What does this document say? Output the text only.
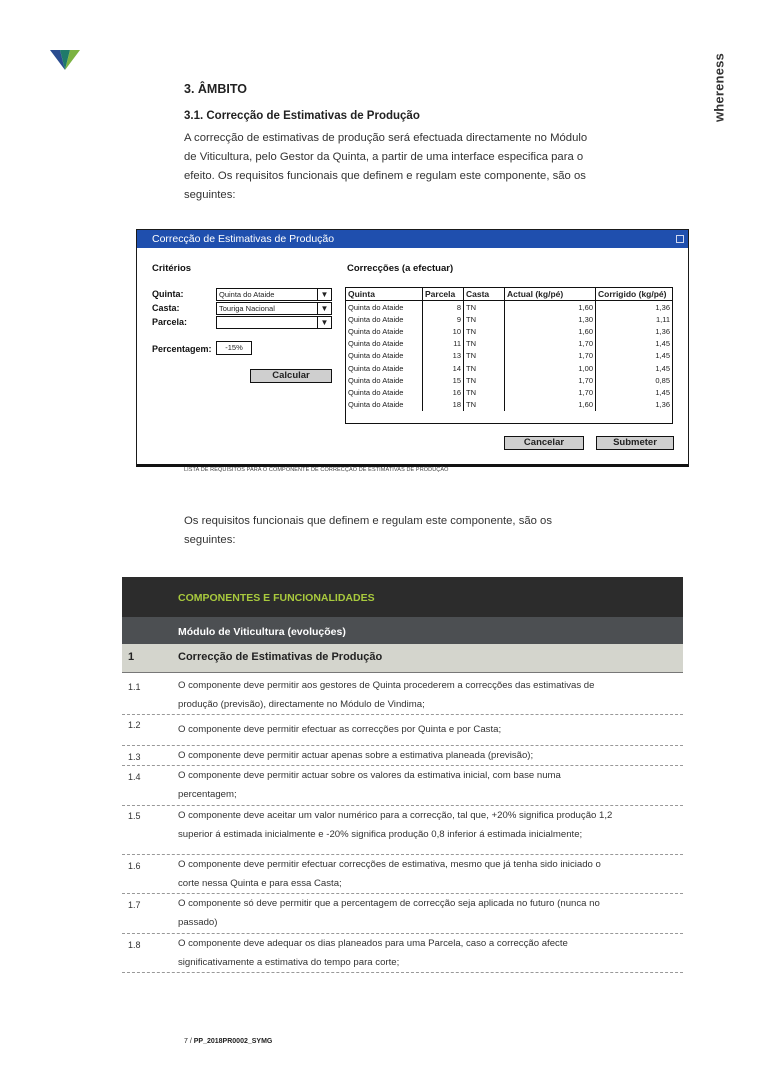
whereness
3. ÂMBITO
3.1. Correcção de Estimativas de Produção
A correcção de estimativas de produção será efectuada directamente no Módulo
de Viticultura, pelo Gestor da Quinta, a partir de uma interface especifica para o
efeito. Os requisitos funcionais que definem e regulam este componente, são os
seguintes:
Correcção de Estimativas de Produção
Critérios	Correcções (a efectuar)
Quinta:	Quinta do Ataide	▼
Casta:	Touriga Nacional	▼
Parcela:	▼
Percentagem:	-15%
Calcular
Quinta	Parcela	Casta	Actual (kg/pé)	Corrigido (kg/pé)
Quinta do Ataide	8	TN	1,60	1,36
Quinta do Ataide	9	TN	1,30	1,11
Quinta do Ataide	10	TN	1,60	1,36
Quinta do Ataide	11	TN	1,70	1,45
Quinta do Ataide	13	TN	1,70	1,45
Quinta do Ataide	14	TN	1,00	1,45
Quinta do Ataide	15	TN	1,70	0,85
Quinta do Ataide	16	TN	1,70	1,45
Quinta do Ataide	18	TN	1,60	1,36
Cancelar	Submeter
LISTA DE REQUISITOS PARA O COMPONENTE DE CORRECÇÃO DE ESTIMATIVAS DE PRODUÇÃO
Os requisitos funcionais que definem e regulam este componente, são os
seguintes:
COMPONENTES E FUNCIONALIDADES
Módulo de Viticultura (evoluções)
1	Correcção de Estimativas de Produção
1.1	O componente deve permitir aos gestores de Quinta procederem a correcções das estimativas de
produção (previsão), directamente no Módulo de Vindima;
1.2	O componente deve permitir efectuar as correcções por Quinta e por Casta;
1.3	O componente deve permitir actuar apenas sobre a estimativa planeada (previsão);
1.4	O componente deve permitir actuar sobre os valores da estimativa inicial, com base numa
percentagem;
1.5	O componente deve aceitar um valor numérico para a correcção, tal que, +20% significa produção 1,2
superior á estimada inicialmente e -20% significa produção 0,8 inferior á estimada inicialmente;
1.6	O componente deve permitir efectuar correcções de estimativa, mesmo que já tenha sido iniciado o
corte nessa Quinta e para essa Casta;
1.7	O componente só deve permitir que a percentagem de correcção seja aplicada no futuro (nunca no
passado)
1.8	O componente deve adequar os dias planeados para uma Parcela, caso a correcção afecte
significativamente a estimativa do tempo para corte;
7 / PP_2018PR0002_SYMG
